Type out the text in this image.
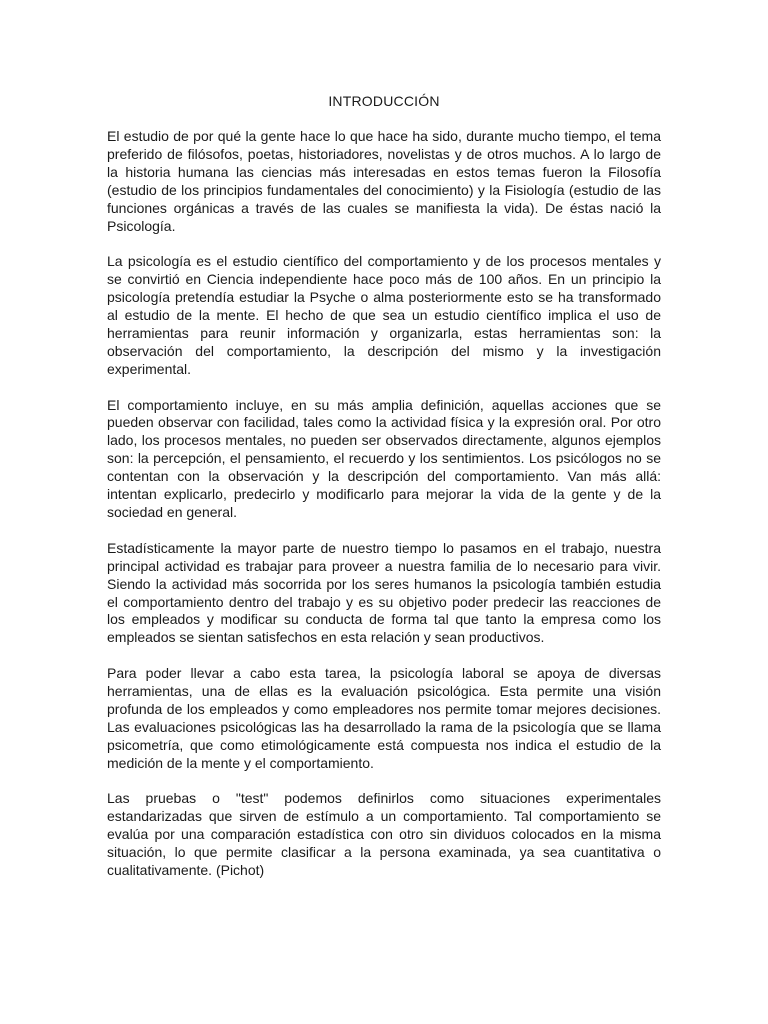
INTRODUCCIÓN

El estudio de por qué la gente hace lo que hace ha sido, durante mucho tiempo, el tema preferido de filósofos, poetas, historiadores, novelistas y de otros muchos. A lo largo de la historia humana las ciencias más interesadas en estos temas fueron la Filosofía (estudio de los principios fundamentales del conocimiento) y la Fisiología (estudio de las funciones orgánicas a través de las cuales se manifiesta la vida). De éstas nació la Psicología.

La psicología es el estudio científico del comportamiento y de los procesos mentales y se convirtió en Ciencia independiente hace poco más de 100 años. En un principio la psicología pretendía estudiar la Psyche o alma posteriormente esto se ha transformado al estudio de la mente. El hecho de que sea un estudio científico implica el uso de herramientas para reunir información y organizarla, estas herramientas son: la observación del comportamiento, la descripción del mismo y la investigación experimental.

El comportamiento incluye, en su más amplia definición, aquellas acciones que se pueden observar con facilidad, tales como la actividad física y la expresión oral. Por otro lado, los procesos mentales, no pueden ser observados directamente, algunos ejemplos son: la percepción, el pensamiento, el recuerdo y los sentimientos. Los psicólogos no se contentan con la observación y la descripción del comportamiento. Van más allá: intentan explicarlo, predecirlo y modificarlo para mejorar la vida de la gente y de la sociedad en general.

Estadísticamente la mayor parte de nuestro tiempo lo pasamos en el trabajo, nuestra principal actividad es trabajar para proveer a nuestra familia de lo necesario para vivir. Siendo la actividad más socorrida por los seres humanos la psicología también estudia el comportamiento dentro del trabajo y es su objetivo poder predecir las reacciones de los empleados y modificar su conducta de forma tal que tanto la empresa como los empleados se sientan satisfechos en esta relación y sean productivos.

Para poder llevar a cabo esta tarea, la psicología laboral se apoya de diversas herramientas, una de ellas es la evaluación psicológica. Esta permite una visión profunda de los empleados y como empleadores nos permite tomar mejores decisiones. Las evaluaciones psicológicas las ha desarrollado la rama de la psicología que se llama psicometría, que como etimológicamente está compuesta nos indica el estudio de la medición de la mente y el comportamiento.

Las pruebas o "test" podemos definirlos como situaciones experimentales estandarizadas que sirven de estímulo a un comportamiento. Tal comportamiento se evalúa por una comparación estadística con otro sin dividuos colocados en la misma situación, lo que permite clasificar a la persona examinada, ya sea cuantitativa o cualitativamente. (Pichot)
